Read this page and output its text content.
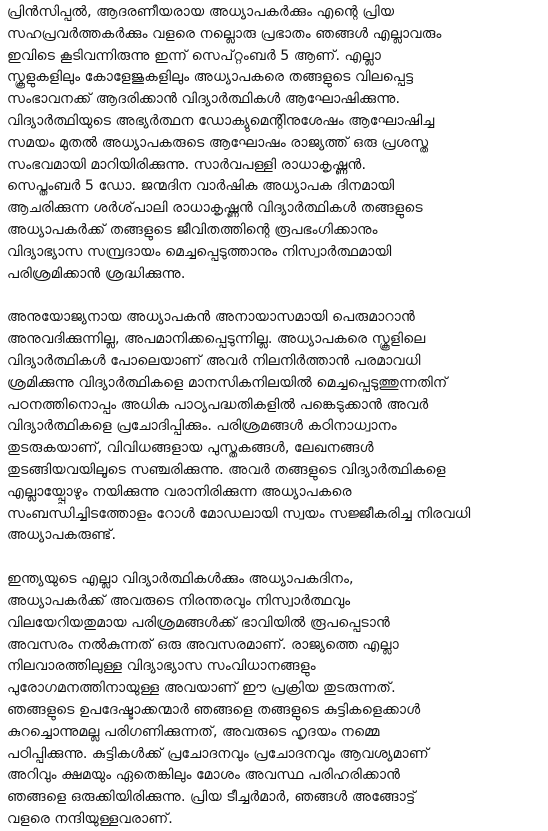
പ്രിൻസിപ്പൽ, ആദരണീയരായ അധ്യാപകർക്കും എന്റെ പ്രിയ
സഹപ്രവർത്തകർക്കും വളരെ നല്ലൊരു പ്രഭാതം ഞങ്ങൾ എല്ലാവരും
ഇവിടെ കൂടിവന്നിരുന്നു ഇന്ന് സെപ്റ്റംബർ 5 ആണ്. എല്ലാ
സ്കൂളുകളിലും കോളേജുകളിലും അധ്യാപകരെ തങ്ങളുടെ വിലപ്പെട്ട
സംഭാവനക്ക് ആദരിക്കാൻ വിദ്യാർത്ഥികൾ ആഘോഷിക്കുന്നു.
വിദ്യാർത്ഥിയുടെ അഭ്യർത്ഥന ഡോക്യുമെന്റിനുശേഷം ആഘോഷിച്ച
സമയം മുതൽ അധ്യാപകരുടെ ആഘോഷം രാജ്യത്ത് ഒരു പ്രശസ്ത
സംഭവമായി മാറിയിരിക്കുന്നു. സാർവപള്ളി രാധാകൃഷ്ണൻ.
സെപ്തംബർ 5 ഡോ. ജന്മദിന വാർഷിക അധ്യാപക ദിനമായി
ആചരിക്കുന്ന ശർശ്‌പാലി രാധാകൃഷ്ണൻ വിദ്യാർത്ഥികൾ തങ്ങളുടെ
അധ്യാപകർക്ക് തങ്ങളുടെ ജീവിതത്തിന്റെ രൂപഭംഗിക്കാനും
വിദ്യാഭ്യാസ സമ്പ്രദായം മെച്ചപ്പെടുത്താനും നിസ്വാർത്ഥമായി
പരിശ്രമിക്കാൻ ശ്രദ്ധിക്കുന്നു.
അനുയോജ്യനായ അധ്യാപകൻ അനായാസമായി പെരുമാറാൻ
അനുവദിക്കുന്നില്ല, അപമാനിക്കപ്പെടുന്നില്ല. അധ്യാപകരെ സ്കൂളിലെ
വിദ്യാർത്ഥികൾ പോലെയാണ് അവർ നിലനിർത്താൻ പരമാവധി
ശ്രമിക്കുന്നു വിദ്യാർത്ഥികളെ മാനസികനിലയിൽ മെച്ചപ്പെടുത്തുന്നതിന്
പഠനത്തിനൊപ്പം അധിക പാഠ്യപദ്ധതികളിൽ പങ്കെടുക്കാൻ അവർ
വിദ്യാർത്ഥികളെ പ്രചോദിപ്പിക്കും. പരിശ്രമങ്ങൾ കഠിനാധ്വാനം
തുടരുകയാണ്, വിവിധങ്ങളായ പുസ്തകങ്ങൾ, ലേഖനങ്ങൾ
തുടങ്ങിയവയിലൂടെ സഞ്ചരിക്കുന്നു. അവർ തങ്ങളുടെ വിദ്യാർത്ഥികളെ
എല്ലായ്പ്പോഴും നയിക്കുന്നു വരാനിരിക്കുന്ന അധ്യാപകരെ
സംബന്ധിച്ചിടത്തോളം റോൾ മോഡലായി സ്വയം സജ്ജീകരിച്ച നിരവധി
അധ്യാപകരുണ്ട്.
ഇന്ത്യയുടെ എല്ലാ വിദ്യാർത്ഥികൾക്കും അധ്യാപകദിനം,
അധ്യാപകർക്ക് അവരുടെ നിരന്തരവും നിസ്വാർത്ഥവും
വിലയേറിയതുമായ പരിശ്രമങ്ങൾക്ക് ഭാവിയിൽ രൂപപ്പെടാൻ
അവസരം നൽകുന്നത് ഒരു അവസരമാണ്. രാജ്യത്തെ എല്ലാ
നിലവാരത്തിലുള്ള വിദ്യാഭ്യാസ സംവിധാനങ്ങളും
പുരോഗമനത്തിനായുള്ള അവയാണ് ഈ പ്രക്രിയ തുടരുന്നത്.
ഞങ്ങളുടെ ഉപദേഷ്ടാക്കന്മാർ ഞങ്ങളെ തങ്ങളുടെ കുട്ടികളെക്കാൾ
കുറച്ചൊന്നുമല്ല പരിഗണിക്കുന്നത്, അവരുടെ ഹൃദയം നമ്മെ
പഠിപ്പിക്കുന്നു. കുട്ടികൾക്ക് പ്രചോദനവും പ്രചോദനവും ആവശ്യമാണ്
അറിവും ക്ഷമയും ഏതെങ്കിലും മോശം അവസ്ഥ പരിഹരിക്കാൻ
ഞങ്ങളെ ഒരുക്കിയിരിക്കുന്നു. പ്രിയ ടീച്ചർമാർ, ഞങ്ങൾ അങ്ങോട്ട്
വളരെ നന്ദിയുള്ളവരാണ്.
